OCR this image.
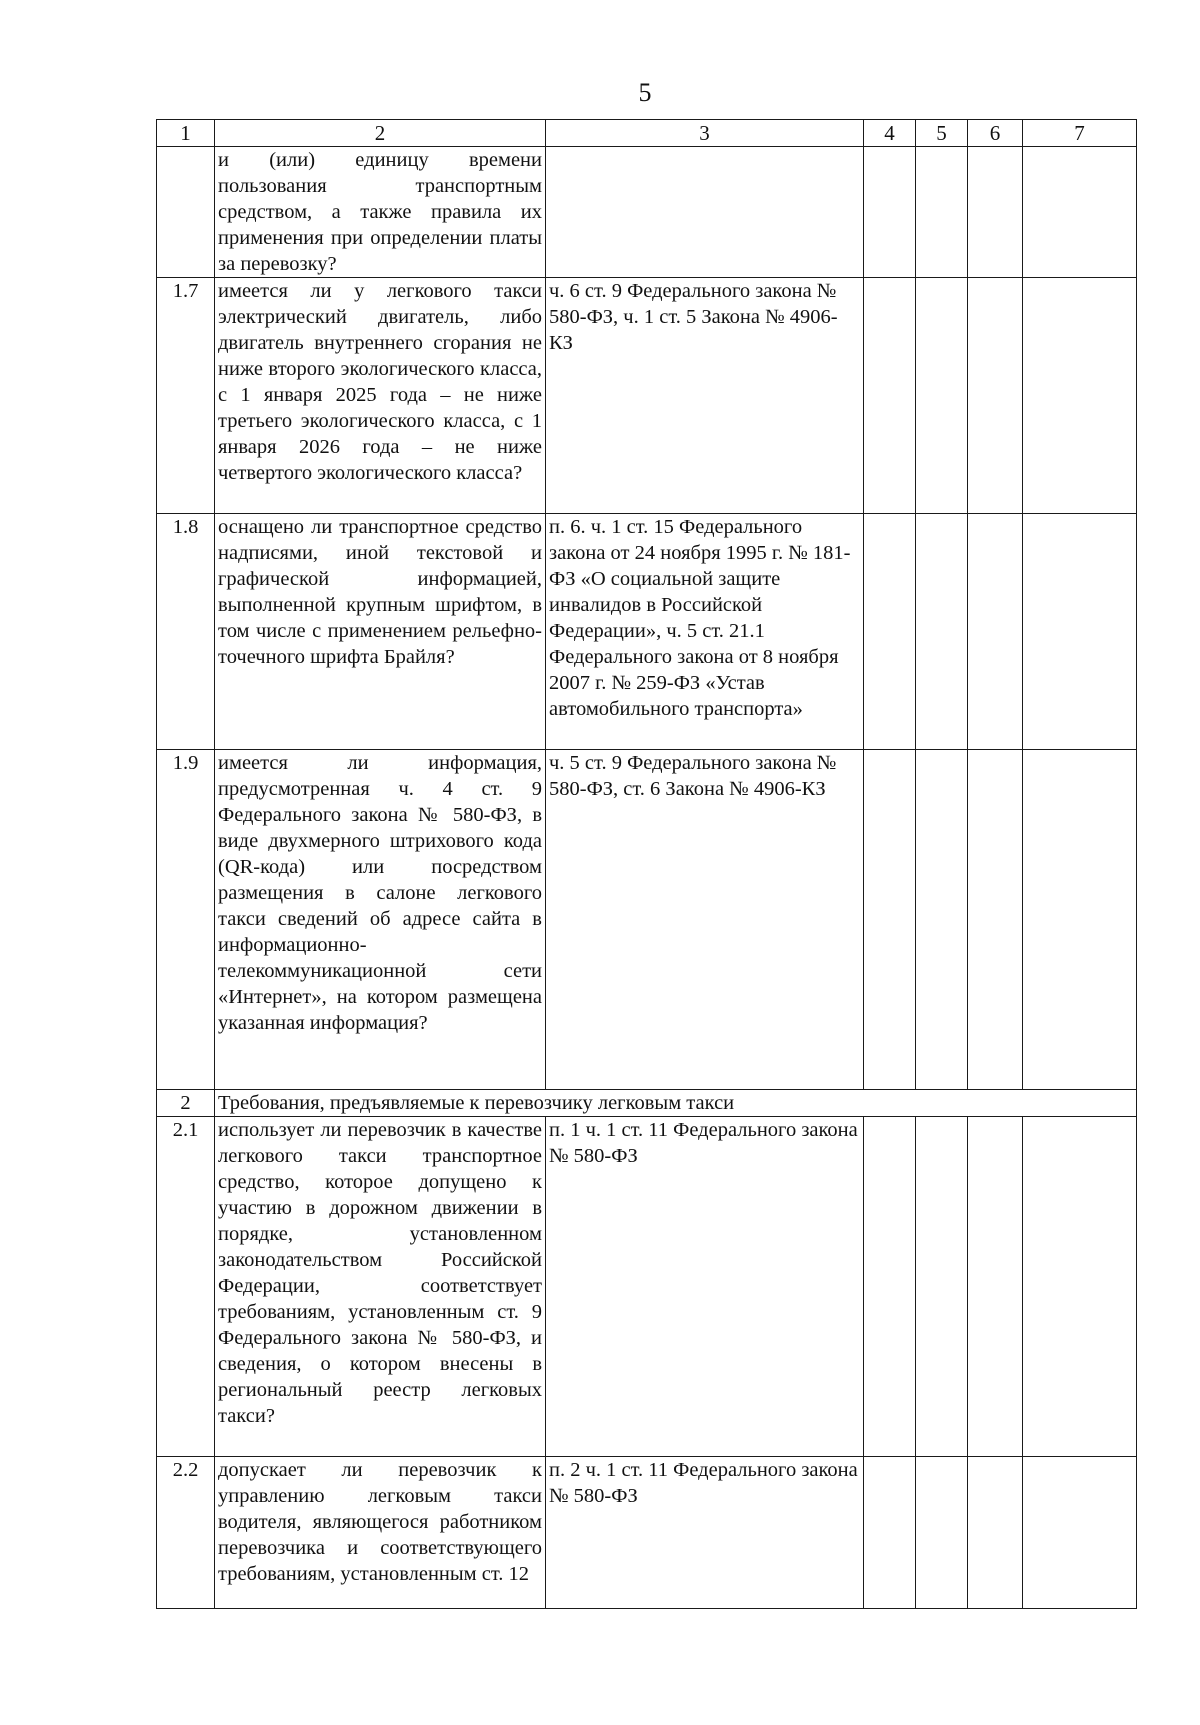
5
1	2	3	4	5	6	7
	и (или) единицу времени пользования транспортным средством, а также правила их применения при определении платы за перевозку?					
1.7	имеется ли у легкового такси электрический двигатель, либо двигатель внутреннего сгорания не ниже второго экологического класса, с 1 января 2025 года – не ниже третьего экологического класса, с 1 января 2026 года – не ниже четвертого экологического класса?	ч. 6 ст. 9 Федерального закона № 580-ФЗ, ч. 1 ст. 5 Закона № 4906-КЗ				
1.8	оснащено ли транспортное средство надписями, иной текстовой и графической информацией, выполненной крупным шрифтом, в том числе с применением рельефно-точечного шрифта Брайля?	п. 6. ч. 1 ст. 15 Федерального закона от 24 ноября 1995 г. № 181-ФЗ «О социальной защите инвалидов в Российской Федерации», ч. 5 ст. 21.1 Федерального закона от 8 ноября 2007 г. № 259-ФЗ «Устав автомобильного транспорта»				
1.9	имеется ли информация, предусмотренная ч. 4 ст. 9 Федерального закона № 580-ФЗ, в виде двухмерного штрихового кода (QR-кода) или посредством размещения в салоне легкового такси сведений об адресе сайта в информационно-телекоммуникационной сети «Интернет», на котором размещена указанная информация?	ч. 5 ст. 9 Федерального закона № 580-ФЗ, ст. 6 Закона № 4906-КЗ				
2	Требования, предъявляемые к перевозчику легковым такси					
2.1	использует ли перевозчик в качестве легкового такси транспортное средство, которое допущено к участию в дорожном движении в порядке, установленном законодательством Российской Федерации, соответствует требованиям, установленным ст. 9 Федерального закона № 580-ФЗ, и сведения, о котором внесены в региональный реестр легковых такси?	п. 1 ч. 1 ст. 11 Федерального закона № 580-ФЗ				
2.2	допускает ли перевозчик к управлению легковым такси водителя, являющегося работником перевозчика и соответствующего требованиям, установленным ст. 12	п. 2 ч. 1 ст. 11 Федерального закона № 580-ФЗ				
